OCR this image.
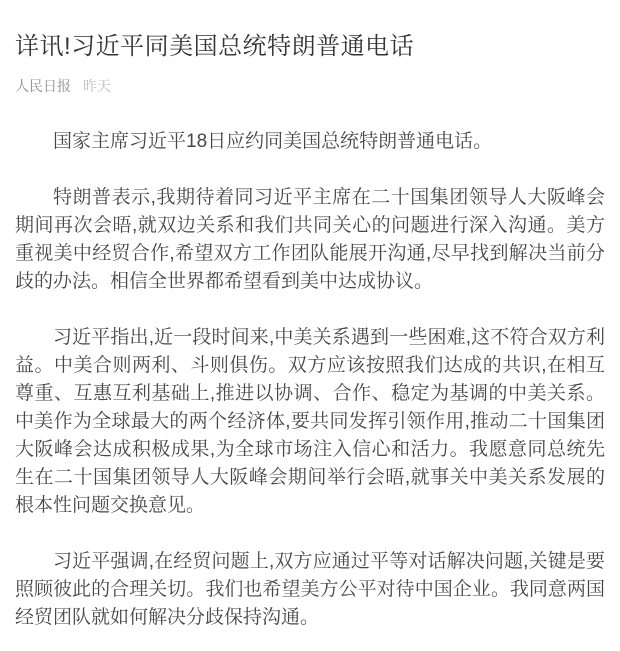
详讯!习近平同美国总统特朗普通电话
人民日报 昨天

国家主席习近平18日应约同美国总统特朗普通电话。

特朗普表示,我期待着同习近平主席在二十国集团领导人大阪峰会期间再次会晤,就双边关系和我们共同关心的问题进行深入沟通。美方重视美中经贸合作,希望双方工作团队能展开沟通,尽早找到解决当前分歧的办法。相信全世界都希望看到美中达成协议。

习近平指出,近一段时间来,中美关系遇到一些困难,这不符合双方利益。中美合则两利、斗则俱伤。双方应该按照我们达成的共识,在相互尊重、互惠互利基础上,推进以协调、合作、稳定为基调的中美关系。中美作为全球最大的两个经济体,要共同发挥引领作用,推动二十国集团大阪峰会达成积极成果,为全球市场注入信心和活力。我愿意同总统先生在二十国集团领导人大阪峰会期间举行会晤,就事关中美关系发展的根本性问题交换意见。

习近平强调,在经贸问题上,双方应通过平等对话解决问题,关键是要照顾彼此的合理关切。我们也希望美方公平对待中国企业。我同意两国经贸团队就如何解决分歧保持沟通。
